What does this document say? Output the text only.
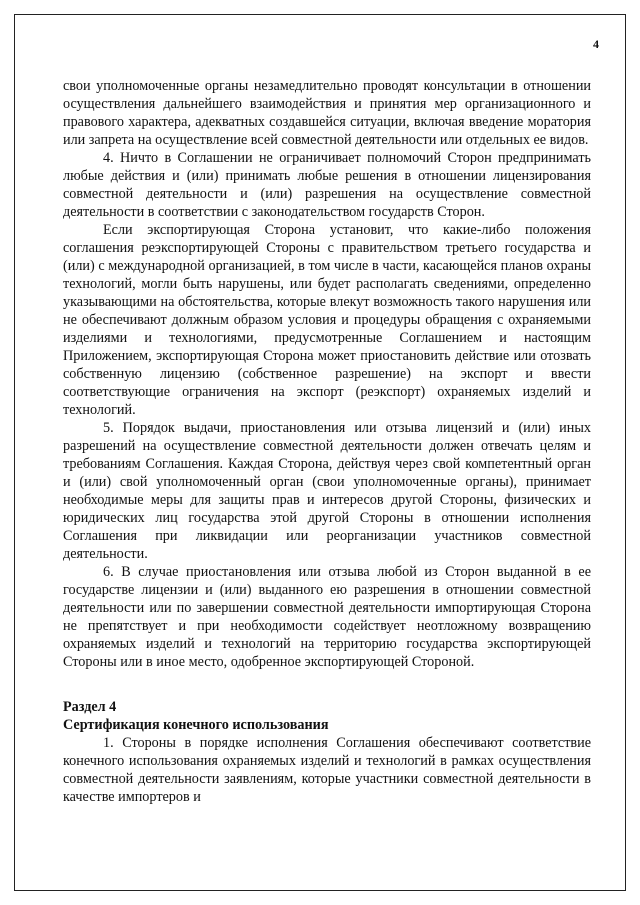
4

свои уполномоченные органы незамедлительно проводят консультации в отношении осуществления дальнейшего взаимодействия и принятия мер организационного и правового характера, адекватных создавшейся ситуации, включая введение моратория или запрета на осуществление всей совместной деятельности или отдельных ее видов.

4. Ничто в Соглашении не ограничивает полномочий Сторон предпринимать любые действия и (или) принимать любые решения в отношении лицензирования совместной деятельности и (или) разрешения на осуществление совместной деятельности в соответствии с законодательством государств Сторон.

Если экспортирующая Сторона установит, что какие-либо положения соглашения реэкспортирующей Стороны с правительством третьего государства и (или) с международной организацией, в том числе в части, касающейся планов охраны технологий, могли быть нарушены, или будет располагать сведениями, определенно указывающими на обстоятельства, которые влекут возможность такого нарушения или не обеспечивают должным образом условия и процедуры обращения с охраняемыми изделиями и технологиями, предусмотренные Соглашением и настоящим Приложением, экспортирующая Сторона может приостановить действие или отозвать собственную лицензию (собственное разрешение) на экспорт и ввести соответствующие ограничения на экспорт (реэкспорт) охраняемых изделий и технологий.

5. Порядок выдачи, приостановления или отзыва лицензий и (или) иных разрешений на осуществление совместной деятельности должен отвечать целям и требованиям Соглашения. Каждая Сторона, действуя через свой компетентный орган и (или) свой уполномоченный орган (свои уполномоченные органы), принимает необходимые меры для защиты прав и интересов другой Стороны, физических и юридических лиц государства этой другой Стороны в отношении исполнения Соглашения при ликвидации или реорганизации участников совместной деятельности.

6. В случае приостановления или отзыва любой из Сторон выданной в ее государстве лицензии и (или) выданного ею разрешения в отношении совместной деятельности или по завершении совместной деятельности импортирующая Сторона не препятствует и при необходимости содействует неотложному возвращению охраняемых изделий и технологий на территорию государства экспортирующей Стороны или в иное место, одобренное экспортирующей Стороной.

Раздел 4

Сертификация конечного использования

1. Стороны в порядке исполнения Соглашения обеспечивают соответствие конечного использования охраняемых изделий и технологий в рамках осуществления совместной деятельности заявлениям, которые участники совместной деятельности в качестве импортеров и
